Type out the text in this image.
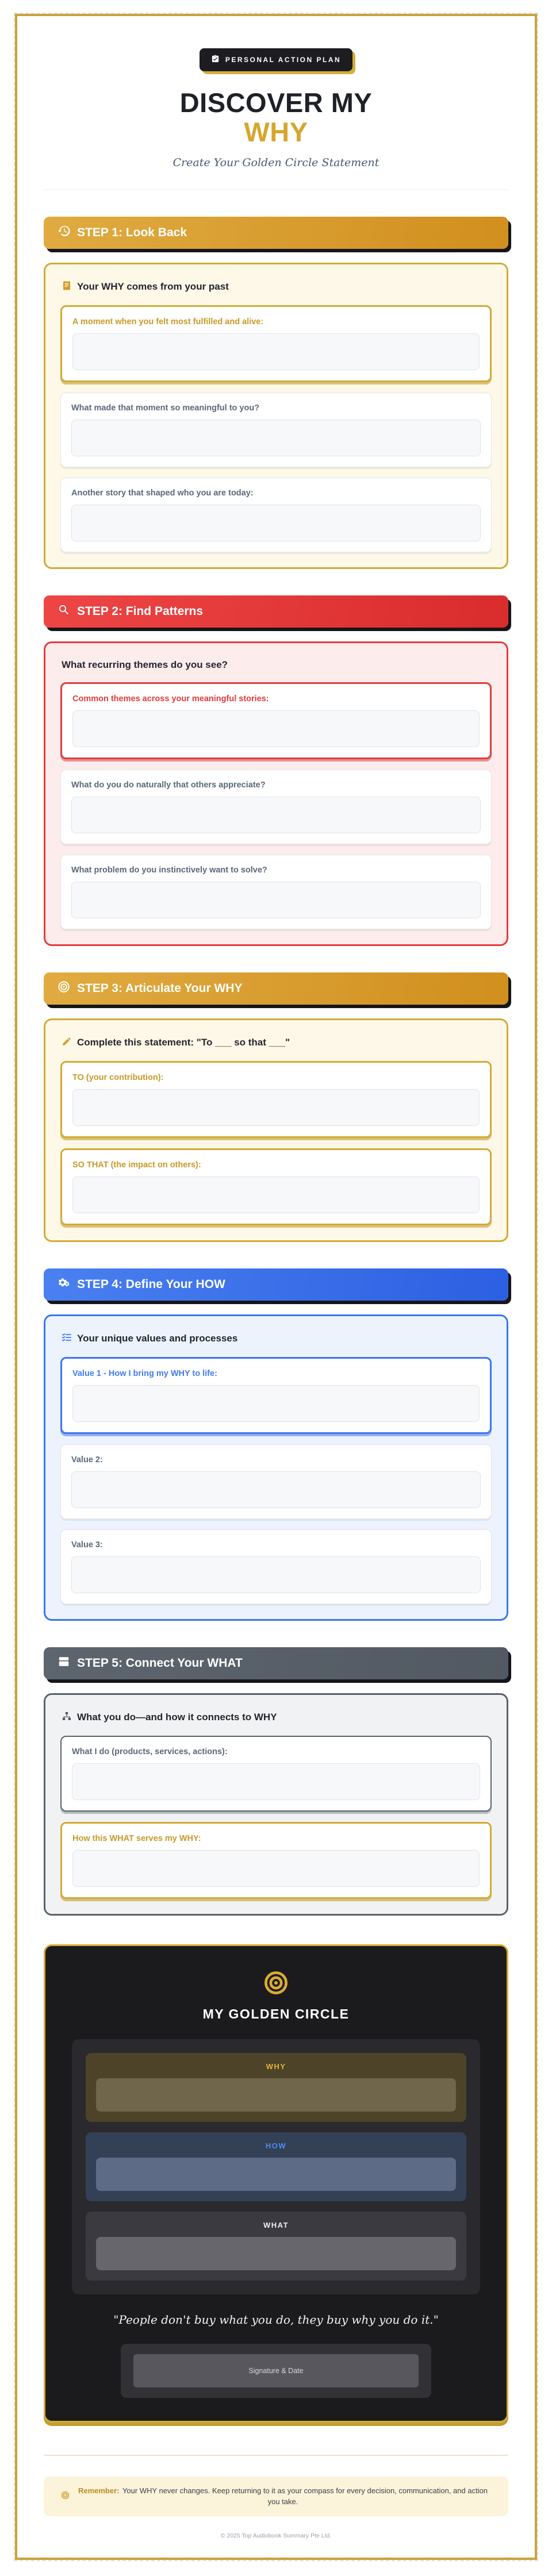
PERSONAL ACTION PLAN
DISCOVER MY
WHY

Create Your Golden Circle Statement

STEP 1: Look Back
Your WHY comes from your past
A moment when you felt most fulfilled and alive:
What made that moment so meaningful to you?
Another story that shaped who you are today:
STEP 2: Find Patterns
What recurring themes do you see?
Common themes across your meaningful stories:
What do you do naturally that others appreciate?
What problem do you instinctively want to solve?
STEP 3: Articulate Your WHY
Complete this statement: "To ___ so that ___"
TO (your contribution):
SO THAT (the impact on others):
STEP 4: Define Your HOW
Your unique values and processes
Value 1 - How I bring my WHY to life:
Value 2:
Value 3:
STEP 5: Connect Your WHAT
What you do—and how it connects to WHY
What I do (products, services, actions):
How this WHAT serves my WHY:
MY GOLDEN CIRCLE
WHY
HOW
WHAT

"People don't buy what you do, they buy why you do it."

Signature & Date

Remember: Your WHY never changes. Keep returning to it as your compass for every decision, communication, and action you take.

© 2025 Top Audiobook Summary Pte Ltd.
